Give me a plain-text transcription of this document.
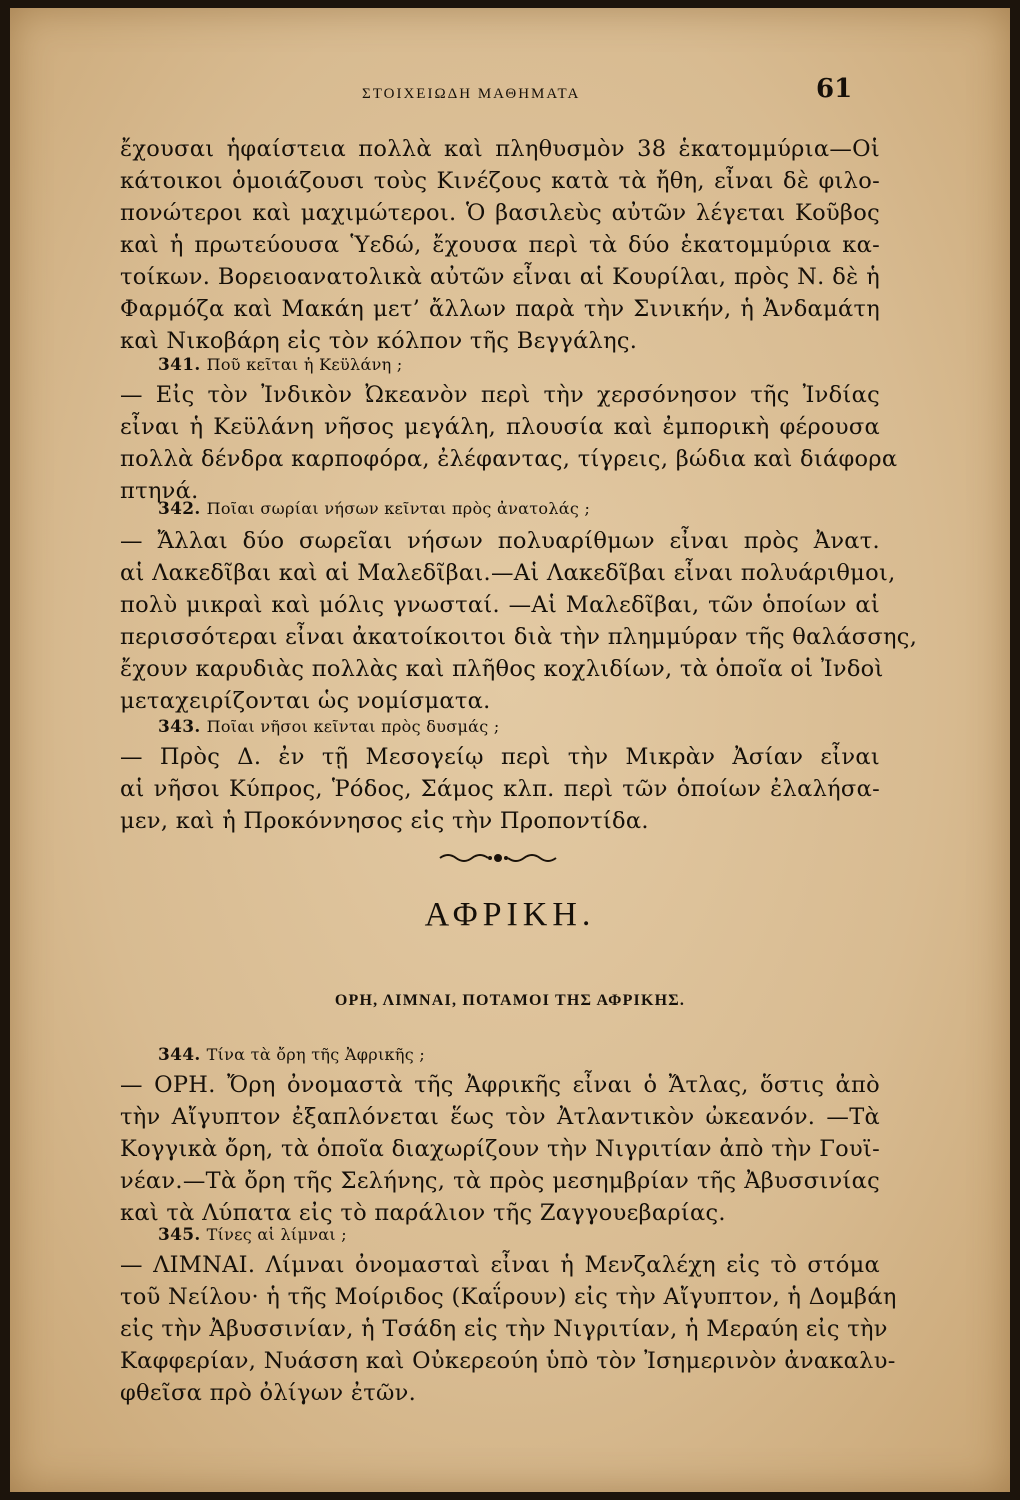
ΣΤΟΙΧΕΙΩΔΗ ΜΑΘΗΜΑΤΑ	61
ἔχουσαι ἡφαίστεια πολλὰ καὶ πληθυσμὸν 38 ἑκατομμύρια—Οἱ
κάτοικοι ὁμοιάζουσι τοὺς Κινέζους κατὰ τὰ ἤθη, εἶναι δὲ φιλο-
πονώτεροι καὶ μαχιμώτεροι. Ὁ βασιλεὺς αὐτῶν λέγεται Κοῦβος
καὶ ἡ πρωτεύουσα Ὑεδώ, ἔχουσα περὶ τὰ δύο ἑκατομμύρια κα-
τοίκων. Βορειοανατολικὰ αὐτῶν εἶναι αἱ Κουρίλαι, πρὸς Ν. δὲ ἡ
Φαρμόζα καὶ Μακάη μετ’ ἄλλων παρὰ τὴν Σινικήν, ἡ Ἀνδαμάτη
καὶ Νικοβάρη εἰς τὸν κόλπον τῆς Βεγγάλης.
341. Ποῦ κεῖται ἡ Κεϋλάνη ;
— Εἰς τὸν Ἰνδικὸν Ὠκεανὸν περὶ τὴν χερσόνησον τῆς Ἰνδίας
εἶναι ἡ Κεϋλάνη νῆσος μεγάλη, πλουσία καὶ ἐμπορικὴ φέρουσα
πολλὰ δένδρα καρποφόρα, ἐλέφαντας, τίγρεις, βώδια καὶ διάφορα
πτηνά.
342. Ποῖαι σωρίαι νήσων κεῖνται πρὸς ἀνατολάς ;
— Ἄλλαι δύο σωρεῖαι νήσων πολυαρίθμων εἶναι πρὸς Ἀνατ.
αἱ Λακεδῖβαι καὶ αἱ Μαλεδῖβαι.—Αἱ Λακεδῖβαι εἶναι πολυάριθμοι,
πολὺ μικραὶ καὶ μόλις γνωσταί. —Αἱ Μαλεδῖβαι, τῶν ὁποίων αἱ
περισσότεραι εἶναι ἀκατοίκοιτοι διὰ τὴν πλημμύραν τῆς θαλάσσης,
ἔχουν καρυδιὰς πολλὰς καὶ πλῆθος κοχλιδίων, τὰ ὁποῖα οἱ Ἰνδοὶ
μεταχειρίζονται ὡς νομίσματα.
343. Ποῖαι νῆσοι κεῖνται πρὸς δυσμάς ;
— Πρὸς Δ. ἐν τῇ Μεσογείῳ περὶ τὴν Μικρὰν Ἀσίαν εἶναι
αἱ νῆσοι Κύπρος, Ῥόδος, Σάμος κλπ. περὶ τῶν ὁποίων ἐλαλήσα-
μεν, καὶ ἡ Προκόννησος εἰς τὴν Προποντίδα.
ΑΦΡΙΚΗ.
ΟΡΗ, ΛΙΜΝΑΙ, ΠΟΤΑΜΟΙ ΤΗΣ ΑΦΡΙΚΗΣ.
344. Τίνα τὰ ὄρη τῆς Ἀφρικῆς ;
— ΟΡΗ. Ὄρη ὀνομαστὰ τῆς Ἀφρικῆς εἶναι ὁ Ἄτλας, ὅστις ἀπὸ
τὴν Αἴγυπτον ἐξαπλόνεται ἕως τὸν Ἀτλαντικὸν ὠκεανόν. —Τὰ
Κογγικὰ ὄρη, τὰ ὁποῖα διαχωρίζουν τὴν Νιγριτίαν ἀπὸ τὴν Γουϊ-
νέαν.—Τὰ ὄρη τῆς Σελήνης, τὰ πρὸς μεσημβρίαν τῆς Ἀβυσσινίας
καὶ τὰ Λύπατα εἰς τὸ παράλιον τῆς Ζαγγουεβαρίας.
345. Τίνες αἱ λίμναι ;
— ΛΙΜΝΑΙ. Λίμναι ὀνομασταὶ εἶναι ἡ Μενζαλέχη εἰς τὸ στόμα
τοῦ Νείλου· ἡ τῆς Μοίριδος (Καΐρουν) εἰς τὴν Αἴγυπτον, ἡ Δομβάη
εἰς τὴν Ἀβυσσινίαν, ἡ Τσάδη εἰς τὴν Νιγριτίαν, ἡ Μεραύη εἰς τὴν
Καφφερίαν, Νυάσση καὶ Οὐκερεούη ὑπὸ τὸν Ἰσημερινὸν ἀνακαλυ-
φθεῖσα πρὸ ὀλίγων ἐτῶν.
